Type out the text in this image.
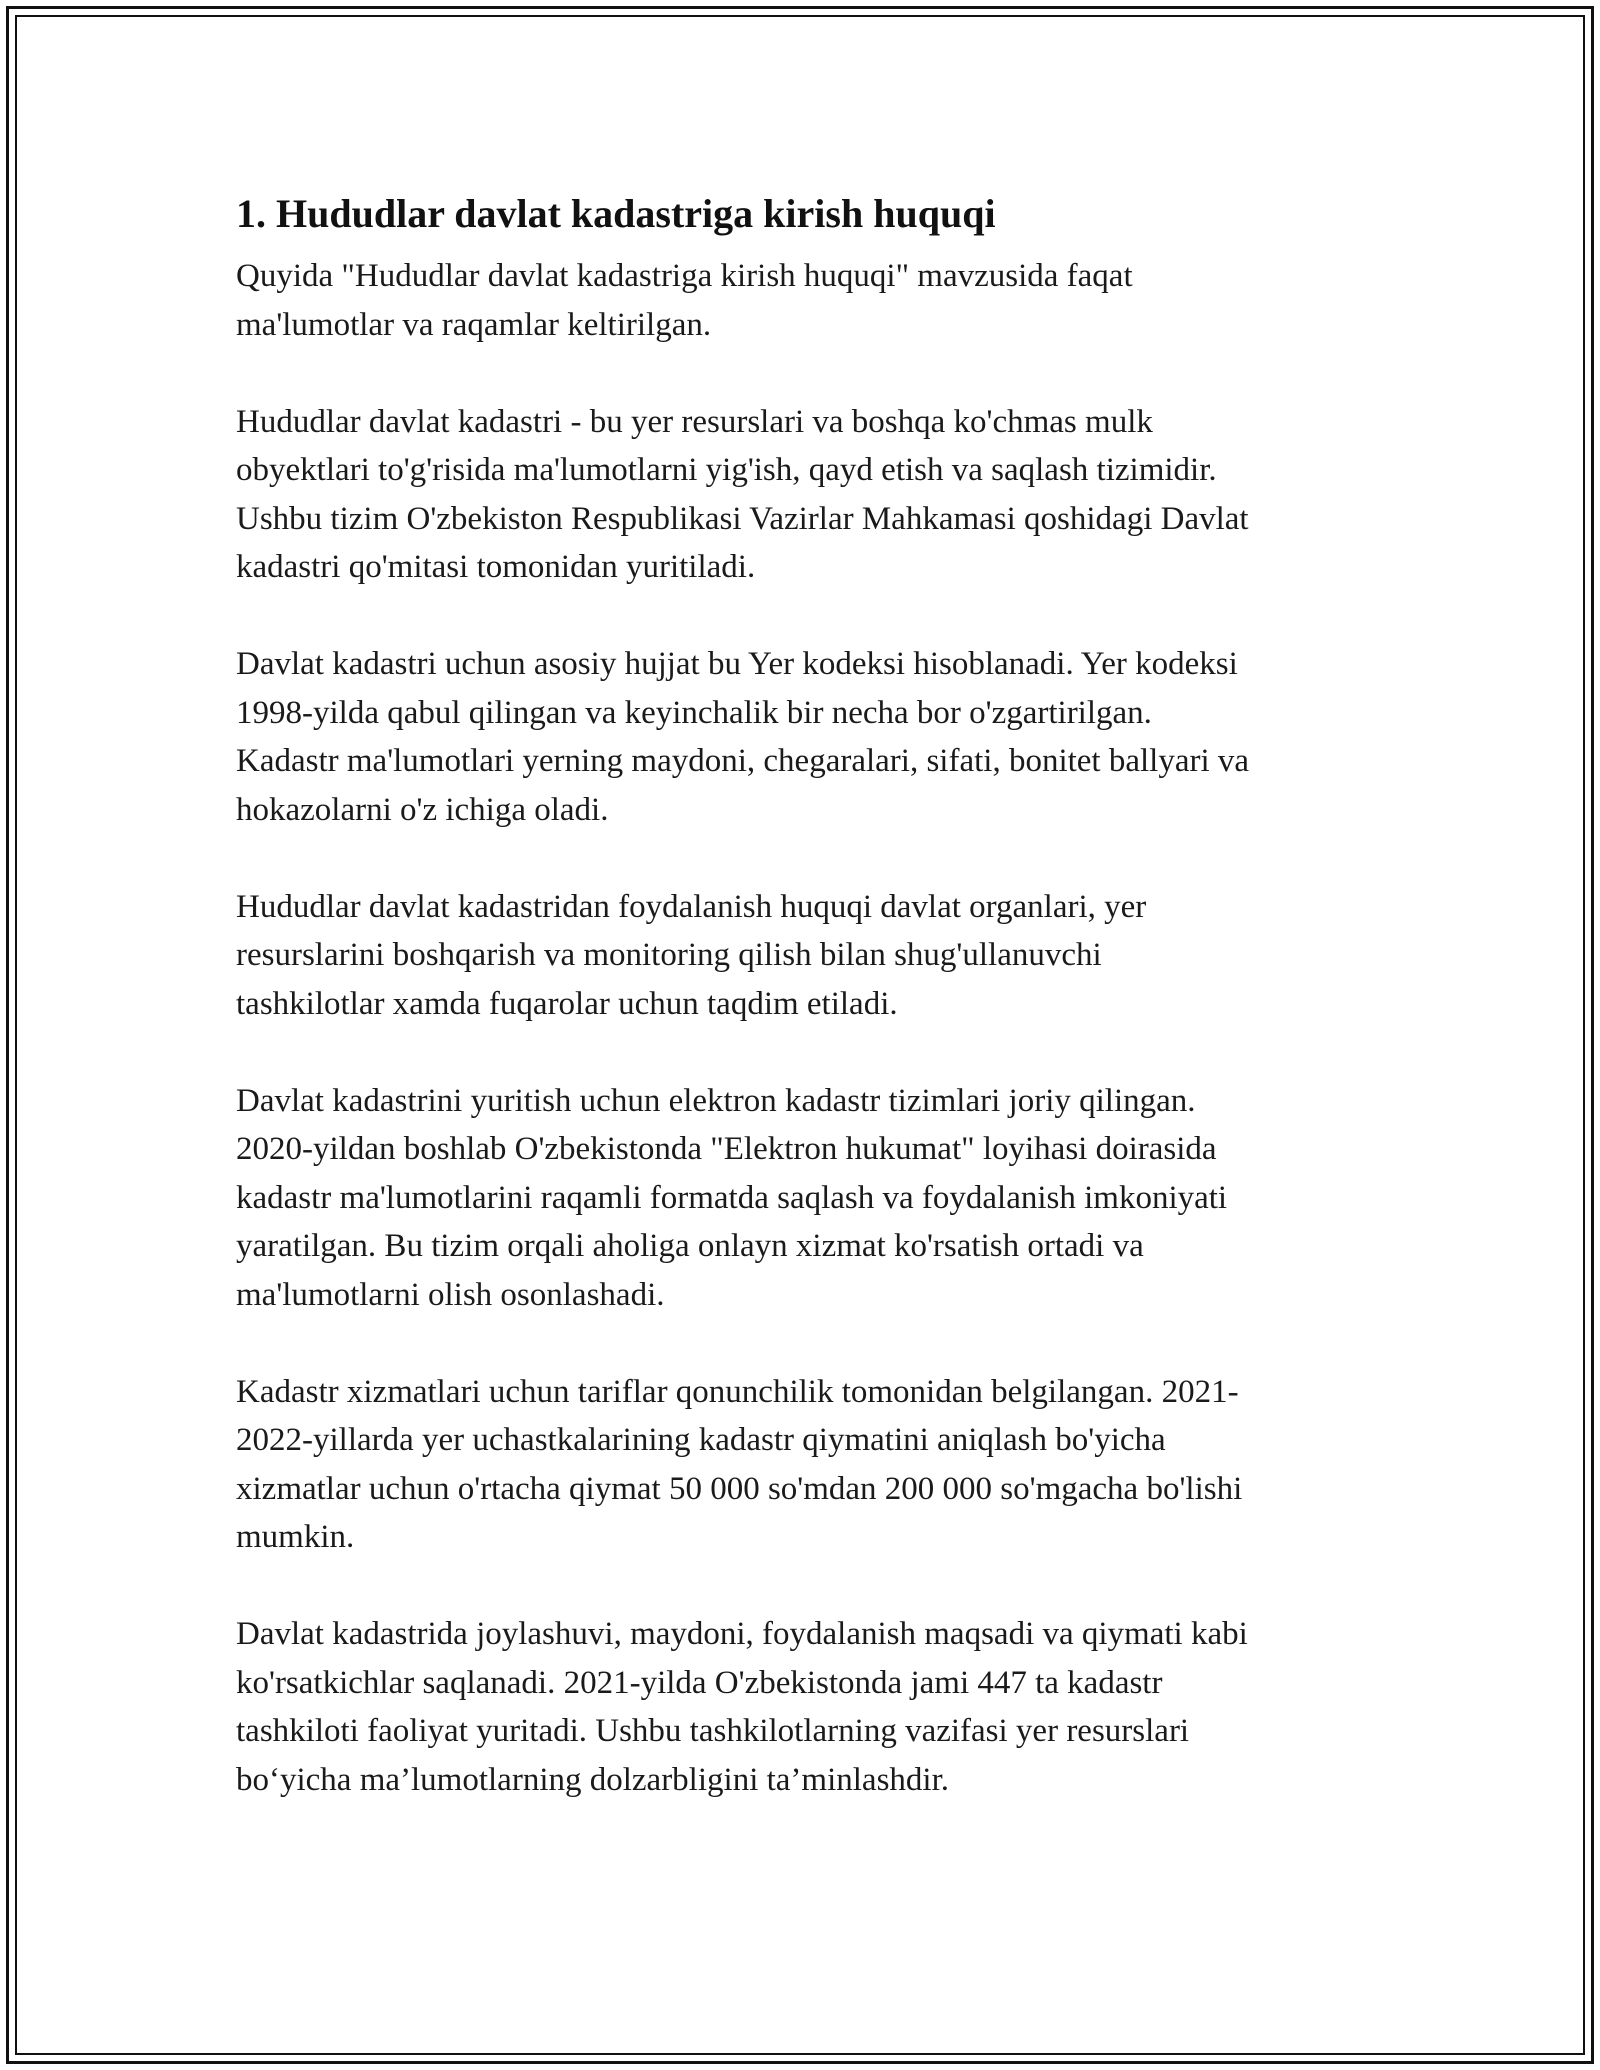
1. Hududlar davlat kadastriga kirish huquqi

Quyida "Hududlar davlat kadastriga kirish huquqi" mavzusida faqat
ma'lumotlar va raqamlar keltirilgan.

Hududlar davlat kadastri - bu yer resurslari va boshqa ko'chmas mulk
obyektlari to'g'risida ma'lumotlarni yig'ish, qayd etish va saqlash tizimidir.
Ushbu tizim O'zbekiston Respublikasi Vazirlar Mahkamasi qoshidagi Davlat
kadastri qo'mitasi tomonidan yuritiladi.

Davlat kadastri uchun asosiy hujjat bu Yer kodeksi hisoblanadi. Yer kodeksi
1998-yilda qabul qilingan va keyinchalik bir necha bor o'zgartirilgan.
Kadastr ma'lumotlari yerning maydoni, chegaralari, sifati, bonitet ballyari va
hokazolarni o'z ichiga oladi.

Hududlar davlat kadastridan foydalanish huquqi davlat organlari, yer
resurslarini boshqarish va monitoring qilish bilan shug'ullanuvchi
tashkilotlar xamda fuqarolar uchun taqdim etiladi.

Davlat kadastrini yuritish uchun elektron kadastr tizimlari joriy qilingan.
2020-yildan boshlab O'zbekistonda "Elektron hukumat" loyihasi doirasida
kadastr ma'lumotlarini raqamli formatda saqlash va foydalanish imkoniyati
yaratilgan. Bu tizim orqali aholiga onlayn xizmat ko'rsatish ortadi va
ma'lumotlarni olish osonlashadi.

Kadastr xizmatlari uchun tariflar qonunchilik tomonidan belgilangan. 2021-
2022-yillarda yer uchastkalarining kadastr qiymatini aniqlash bo'yicha
xizmatlar uchun o'rtacha qiymat 50 000 so'mdan 200 000 so'mgacha bo'lishi
mumkin.

Davlat kadastrida joylashuvi, maydoni, foydalanish maqsadi va qiymati kabi
ko'rsatkichlar saqlanadi. 2021-yilda O'zbekistonda jami 447 ta kadastr
tashkiloti faoliyat yuritadi. Ushbu tashkilotlarning vazifasi yer resurslari
bo‘yicha ma’lumotlarning dolzarbligini ta’minlashdir.
